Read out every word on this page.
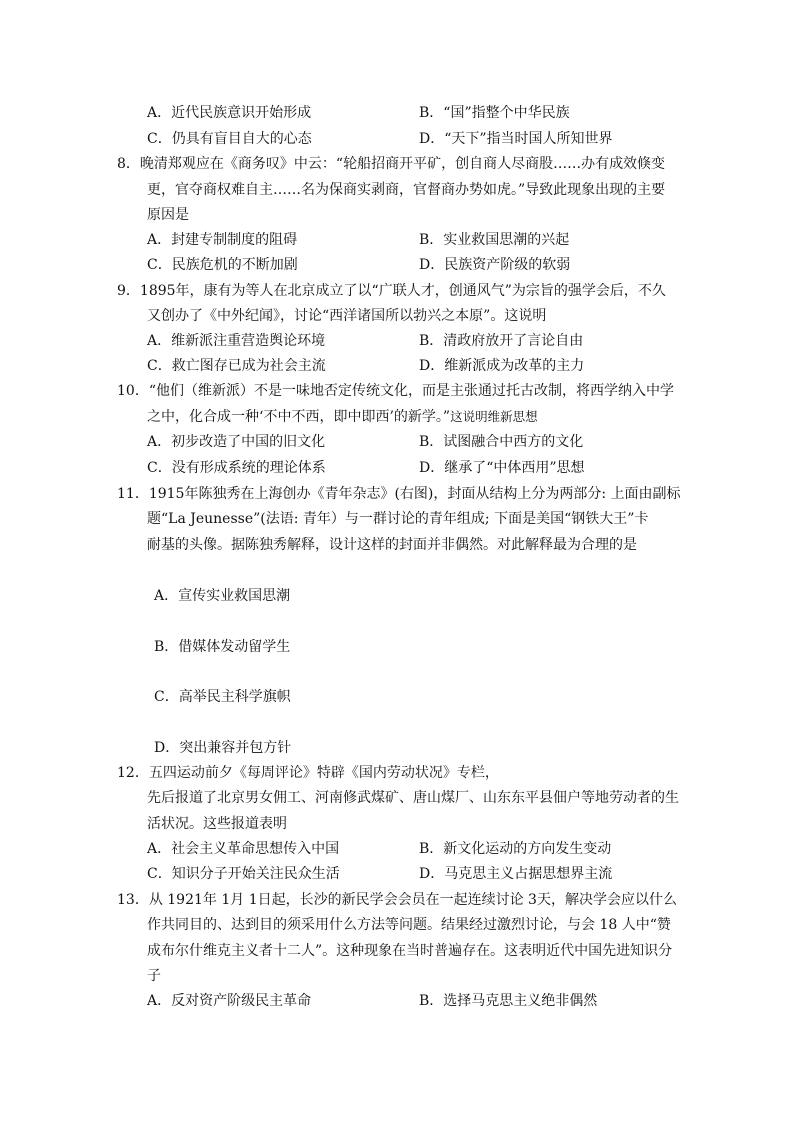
A．近代民族意识开始形成	B．“国”指整个中华民族
C．仍具有盲目自大的心态	D．“天下”指当时国人所知世界
8．晚清郑观应在《商务叹》中云：“轮船招商开平矿，创自商人尽商股……办有成效倏变
更，官夺商权难自主……名为保商实剥商，官督商办势如虎。”导致此现象出现的主要
原因是
A．封建专制制度的阻碍	B．实业救国思潮的兴起
C．民族危机的不断加剧	D．民族资产阶级的软弱
9．1895年，康有为等人在北京成立了以“广联人才，创通风气”为宗旨的强学会后，不久
又创办了《中外纪闻》，讨论“西洋诸国所以勃兴之本原”。这说明
A．维新派注重营造舆论环境	B．清政府放开了言论自由
C．救亡图存已成为社会主流	D．维新派成为改革的主力
10．“他们（维新派）不是一味地否定传统文化，而是主张通过托古改制，将西学纳入中学
之中，化合成一种‘不中不西，即中即西’的新学。”这说明维新思想
A．初步改造了中国的旧文化	B．试图融合中西方的文化
C．没有形成系统的理论体系	D．继承了“中体西用”思想
11．1915年陈独秀在上海创办《青年杂志》(右图)，封面从结构上分为两部分: 上面由副标
题“La Jeunesse”(法语: 青年）与一群讨论的青年组成; 下面是美国“钢铁大王”卡
耐基的头像。据陈独秀解释，设计这样的封面并非偶然。对此解释最为合理的是
A．宣传实业救国思潮
B．借媒体发动留学生
C．高举民主科学旗帜
D．突出兼容并包方针
12．五四运动前夕《每周评论》特辟《国内劳动状况》专栏，
先后报道了北京男女佣工、河南修武煤矿、唐山煤厂、山东东平县佃户等地劳动者的生
活状况。这些报道表明
A．社会主义革命思想传入中国	B．新文化运动的方向发生变动
C．知识分子开始关注民众生活	D．马克思主义占据思想界主流
13．从 1921年 1月 1日起，长沙的新民学会会员在一起连续讨论 3天，解决学会应以什么
作共同目的、达到目的须采用什么方法等问题。结果经过激烈讨论，与会 18 人中“赞
成布尔什维克主义者十二人”。这种现象在当时普遍存在。这表明近代中国先进知识分
子
A．反对资产阶级民主革命	B．选择马克思主义绝非偶然
